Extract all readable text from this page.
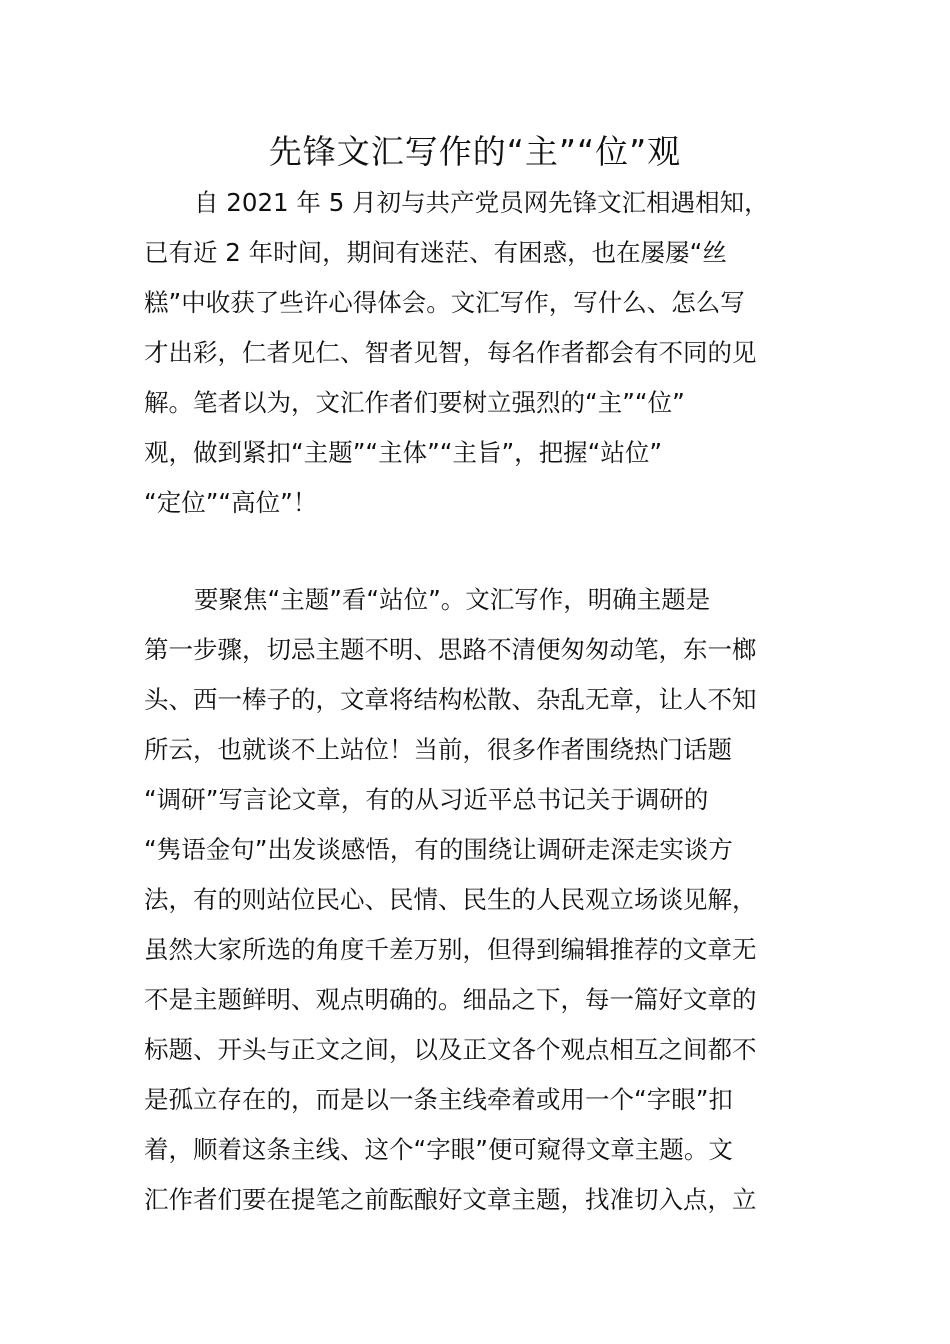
先锋文汇写作的“主”“位”观
自 2021 年 5 月初与共产党员网先锋文汇相遇相知，
已有近 2 年时间，期间有迷茫、有困惑，也在屡屡“丝
糕”中收获了些许心得体会。文汇写作，写什么、怎么写
才出彩，仁者见仁、智者见智，每名作者都会有不同的见
解。笔者以为，文汇作者们要树立强烈的“主”“位”
观，做到紧扣“主题”“主体”“主旨”，把握“站位”
“定位”“高位”！
要聚焦“主题”看“站位”。文汇写作，明确主题是
第一步骤，切忌主题不明、思路不清便匆匆动笔，东一榔
头、西一棒子的，文章将结构松散、杂乱无章，让人不知
所云，也就谈不上站位！当前，很多作者围绕热门话题
“调研”写言论文章，有的从习近平总书记关于调研的
“隽语金句”出发谈感悟，有的围绕让调研走深走实谈方
法，有的则站位民心、民情、民生的人民观立场谈见解，
虽然大家所选的角度千差万别，但得到编辑推荐的文章无
不是主题鲜明、观点明确的。细品之下，每一篇好文章的
标题、开头与正文之间，以及正文各个观点相互之间都不
是孤立存在的，而是以一条主线牵着或用一个“字眼”扣
着，顺着这条主线、这个“字眼”便可窥得文章主题。文
汇作者们要在提笔之前酝酿好文章主题，找准切入点，立
